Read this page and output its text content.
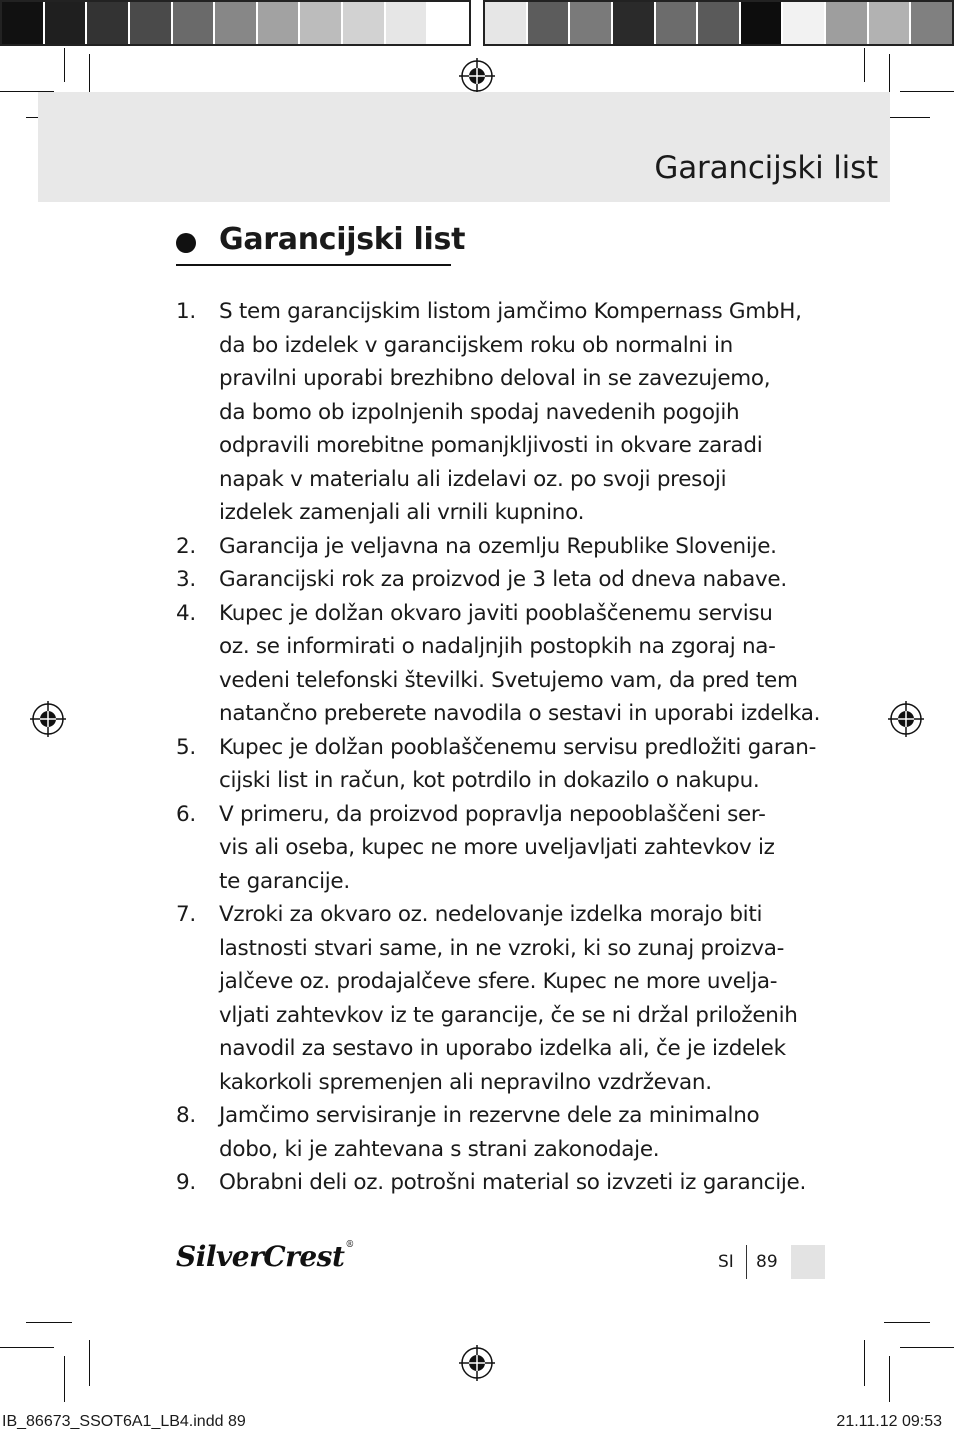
Garancijski list
Garancijski list
1. S tem garancijskim listom jamčimo Kompernass GmbH,
da bo izdelek v garancijskem roku ob normalni in
pravilni uporabi brezhibno deloval in se zavezujemo,
da bomo ob izpolnjenih spodaj navedenih pogojih
odpravili morebitne pomanjkljivosti in okvare zaradi
napak v materialu ali izdelavi oz. po svoji presoji
izdelek zamenjali ali vrnili kupnino.
2. Garancija je veljavna na ozemlju Republike Slovenije.
3. Garancijski rok za proizvod je 3 leta od dneva nabave.
4. Kupec je dolžan okvaro javiti pooblaščenemu servisu
oz. se informirati o nadaljnjih postopkih na zgoraj na-
vedeni telefonski številki. Svetujemo vam, da pred tem
natančno preberete navodila o sestavi in uporabi izdelka.
5. Kupec je dolžan pooblaščenemu servisu predložiti garan-
cijski list in račun, kot potrdilo in dokazilo o nakupu.
6. V primeru, da proizvod popravlja nepooblaščeni ser-
vis ali oseba, kupec ne more uveljavljati zahtevkov iz
te garancije.
7. Vzroki za okvaro oz. nedelovanje izdelka morajo biti
lastnosti stvari same, in ne vzroki, ki so zunaj proizva-
jalčeve oz. prodajalčeve sfere. Kupec ne more uvelja-
vljati zahtevkov iz te garancije, če se ni držal priloženih
navodil za sestavo in uporabo izdelka ali, če je izdelek
kakorkoli spremenjen ali nepravilno vzdrževan.
8. Jamčimo servisiranje in rezervne dele za minimalno
dobo, ki je zahtevana s strani zakonodaje.
9. Obrabni deli oz. potrošni material so izvzeti iz garancije.
SilverCrest®
SI 89
IB_86673_SSOT6A1_LB4.indd 89	21.11.12 09:53
